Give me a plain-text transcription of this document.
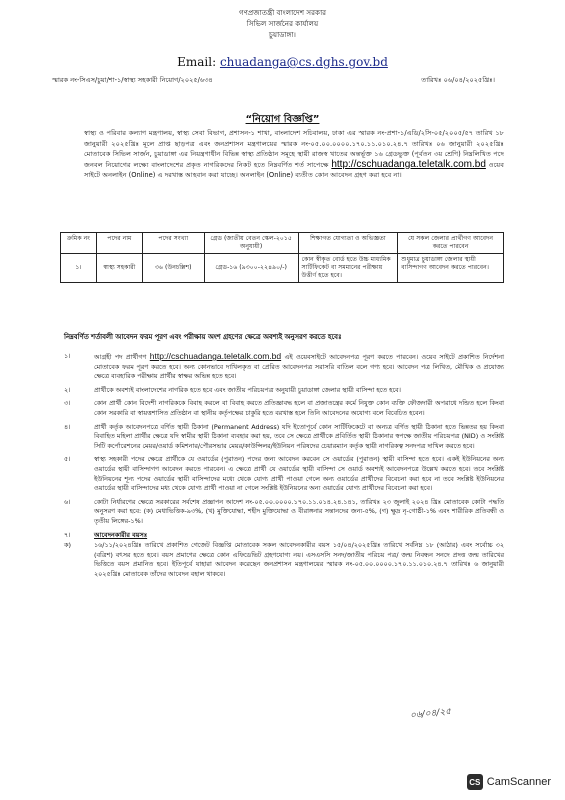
গণপ্রজাতন্ত্রী বাংলাদেশ সরকার
সিভিল সার্জনের কার্যালয়
চুয়াডাঙ্গা।
Email: chuadanga@cs.dghs.gov.bd
স্মারক নং-সিএস/চুয়া/শা-১/স্বাস্থ্য সহকারী নিয়োগ/২০২৫/৬৩৪	তারিখঃ ০৬/০৪/২০২৫খ্রিঃ।
“নিয়োগ বিজ্ঞপ্তি”
স্বাস্থ্য ও পরিবার কল্যাণ মন্ত্রণালয়, স্বাস্থ্য সেবা বিভাগ, প্রশাসন-১ শাখা, বাংলাদেশ সচিবালয়, ঢাকা এর স্মারক নং-প্রশা-১/এডি/২সি-০৫/২০০৫/৫৭ তারিখ ১৮ জানুয়ারী ২০২৫খ্রিঃ মূলে প্রাপ্ত ছাড়পত্র এবং জনপ্রশাসন মন্ত্রণালয়ের স্মারক নং-০৫.০০.০০০০.১৭০.১১.০১০.২৪.৭ তারিখঃ ০৬ জানুয়ারী ২০২৫খ্রিঃ মোতাবেক সিভিল সার্জন, চুয়াডাঙ্গা এর নিয়ন্ত্রণাধীন বিভিন্ন স্বাস্থ্য প্রতিষ্ঠান সমূহে স্থায়ী রাজস্ব খাতের অন্তর্ভূক্ত ১৬ গ্রেডভুক্ত (পূর্বতন ৩য় শ্রেণি) নিম্নলিখিত পদে জনবল নিয়োগের লক্ষ্যে বাংলাদেশের প্রকৃত নাগরিকদের নিকট হতে নিম্নবর্ণিত শর্ত সাপেক্ষে http://cschuadanga.teletalk.com.bd ওয়েব সাইটে অনলাইন (Online) এ দরখাস্ত আহবান করা যাচ্ছে। অনলাইন (Online) ব্যতীত কোন আবেদন গ্রহণ করা হবে না।
ক্রমিক নং	পদের নাম	পদের সংখ্যা	গ্রেড (জাতীয় বেতন স্কেল-২০১৫ অনুযায়ী)	শিক্ষাগত যোগ্যতা ও অভিজ্ঞতা	যে সকল জেলার প্রার্থীগণ আবেদন করতে পারবেন
১।	স্বাস্থ্য সহকারী	৩৬ (উনচল্লিশ)	গ্রেড-১৬ (৯৩০০-২২৪৯০/-)	কোন স্বীকৃত বোর্ড হতে উচ্চ মাধ্যমিক সার্টিফিকেট বা সমমানের পরীক্ষায় উত্তীর্ণ হতে হবে।	শুধুমাত্র চুয়াডাঙ্গা জেলার স্থায়ী বাসিন্দাগণ আবেদন করতে পারবেন।
নিম্নবর্ণিত শর্তাবলী আবেদন ফরম পূরণ এবং পরীক্ষায় অংশ গ্রহণের ক্ষেত্রে অবশ্যই অনুসরণ করতে হবেঃ
১।	আগ্রহী পদ প্রার্থীগণ http://cschuadanga.teletalk.com.bd এই ওয়েবসাইটে আবেদনপত্র পূরণ করতে পারবেন। ওয়েব সাইটে প্রকাশিত নির্দেশনা মোতাবেক ফরম পূরণ করতে হবে। অন্য কোনভাবে দাখিলকৃত বা প্রেরিত আবেদনপত্র সরাসরি বাতিল বলে গণ্য হবে। আবেদন পত্র লিখিত, মৌখিক ও প্রযোজ্য ক্ষেত্রে ব্যবহারিক পরীক্ষায় প্রার্থীর স্বাক্ষর অভিন্ন হতে হবে।
২।	প্রার্থীকে অবশ্যই বাংলাদেশের নাগরিক হতে হবে এবং জাতীয় পরিচয়পত্র অনুযায়ী চুয়াডাঙ্গা জেলার স্থায়ী বাসিন্দা হতে হবে।
৩।	কোন প্রার্থী কোন বিদেশী নাগরিককে বিবাহ করলে বা বিবাহ করতে প্রতিজ্ঞাবদ্ধ হলে বা প্রজাতন্ত্রের কর্মে নিযুক্ত কোন ব্যক্তি ফৌজদারী অপরাধে দন্ডিত হলে কিংবা কোন সরকারি বা স্বায়ত্তশাসিত প্রতিষ্ঠান বা স্থানীয় কর্তৃপক্ষের চাকুরি হতে বরখাস্ত হলে তিনি আবেদনের অযোগ্য বলে বিবেচিত হবেন।
৪।	প্রার্থী কর্তৃক আবেদনপত্রে বর্ণিত স্থায়ী ঠিকানা (Permanent Address) যদি ইতোপূর্বে কোন সার্টিফিকেটে বা অন্যত্র বর্ণিত স্থায়ী ঠিকানা হতে ভিন্নতর হয় কিংবা বিবাহিত মহিলা প্রার্থীর ক্ষেত্রে যদি স্বামীর স্থায়ী ঠিকানা ব্যবহার করা হয়, তবে সে ক্ষেত্রে প্রার্থীকে প্রবির্তিত স্থায়ী ঠিকানার স্বপক্ষে জাতীয় পরিচয়পত্র (NID) ও সংশ্লিষ্ট সিটি কর্পোরেশনের মেয়র/ওয়ার্ড কমিশনার/পৌরসভার মেয়র/কাউন্সিলর/ইউনিয়ন পরিষদের চেয়ারম্যান কর্তৃক স্থায়ী নাগরিকত্ব সনদপত্র দাখিল করতে হবে।
৫।	স্বাস্থ্য সহকারী পদের ক্ষেত্রে প্রার্থীকে যে ওয়ার্ডের (পুরাতন) পদের জন্য আবেদন করবেন সে ওয়ার্ডের (পুরাতন) স্থায়ী বাসিন্দা হতে হবে। একই ইউনিয়নের অন্য ওয়ার্ডের স্থায়ী বাসিন্দাগণ আবেদন করতে পারবেন। এ ক্ষেত্রে প্রার্থী যে ওয়ার্ডের স্থায়ী বাসিন্দা সে ওয়ার্ড অবশ্যই আবেদনপত্রে উল্লেখ করতে হবে। তবে সংশ্লিষ্ট ইউনিয়নের শূন্য পদের ওয়ার্ডের স্থায়ী বাসিন্দাদের মধ্যে থেকে যোগ্য প্রার্থী পাওয়া গেলে অন্য ওয়ার্ডের প্রার্থীদের বিবেচনা করা হবে না তবে সংশ্লিষ্ট ইউনিয়নের ওয়ার্ডের স্থায়ী বাসিন্দাদের মধ্য থেকে যোগ্য প্রার্থী পাওয়া না গেলে সংশ্লিষ্ট ইউনিয়নের অন্য ওয়ার্ডের যোগ্য প্রার্থীদের বিবেচনা করা হবে।
৬।	কোটা নির্ধারণের ক্ষেত্রে সরকারের সর্বশেষ প্রজ্ঞাপন আদেশ নং-০৫.০০.০০০০.১৭০.১১.০১৪.২৪.১৪১, তারিখঃ ২৩ জুলাই ২০২৪ খ্রিঃ মোতাবেক কোটা পদ্ধতি অনুসরণ করা হবে: (ক) মেধাভিত্তিক-৯৩%, (খ) মুক্তিযোদ্ধা, শহীদ মুক্তিযোদ্ধা ও বীরাঙ্গনার সন্তানদের জন্য-৫%, (গ) ক্ষুদ্র নৃ-গোষ্ঠী-১% এবং শারীরিক প্রতিবন্ধী ও তৃতীয় লিঙ্গের-১%।
৭।	আবেদনকারীর বয়সঃ
ক)	১৬/১১/২০২৪খ্রিঃ তারিখে প্রকাশিত গেজেট বিজ্ঞপ্তি মোতাবেক সকল আবেদনকারীর বয়স ১৫/০৪/২০২৫খ্রিঃ তারিখে সর্বনিম্ন ১৮ (আঠার) এবং সর্বোচ্চ ৩২ (বত্রিশ) বৎসর হতে হবে। বয়স প্রমাণের ক্ষেত্রে কোন এফিডেভিট গ্রহণযোগ্য নয়। এসএসসি সনদ/জাতীয় পরিচয় পত্র/ জন্ম নিবন্ধন সনদে প্রদত্ত জন্ম তারিখের ভিত্তিতে বয়স প্রমানিত হবে। ইতিপূর্বে যাহারা আবেদন করেছেন জনপ্রশাসন মন্ত্রণালয়ের স্মারক নং-০৫.০০.০০০০.১৭০.১১.০১০.২৪.৭ তারিখঃ ৬ জানুয়ারী ২০২৫খ্রিঃ মোতাবেক তাঁদের আবেদন বহাল থাকবে।
০৬/০৪/২৫
CS CamScanner
